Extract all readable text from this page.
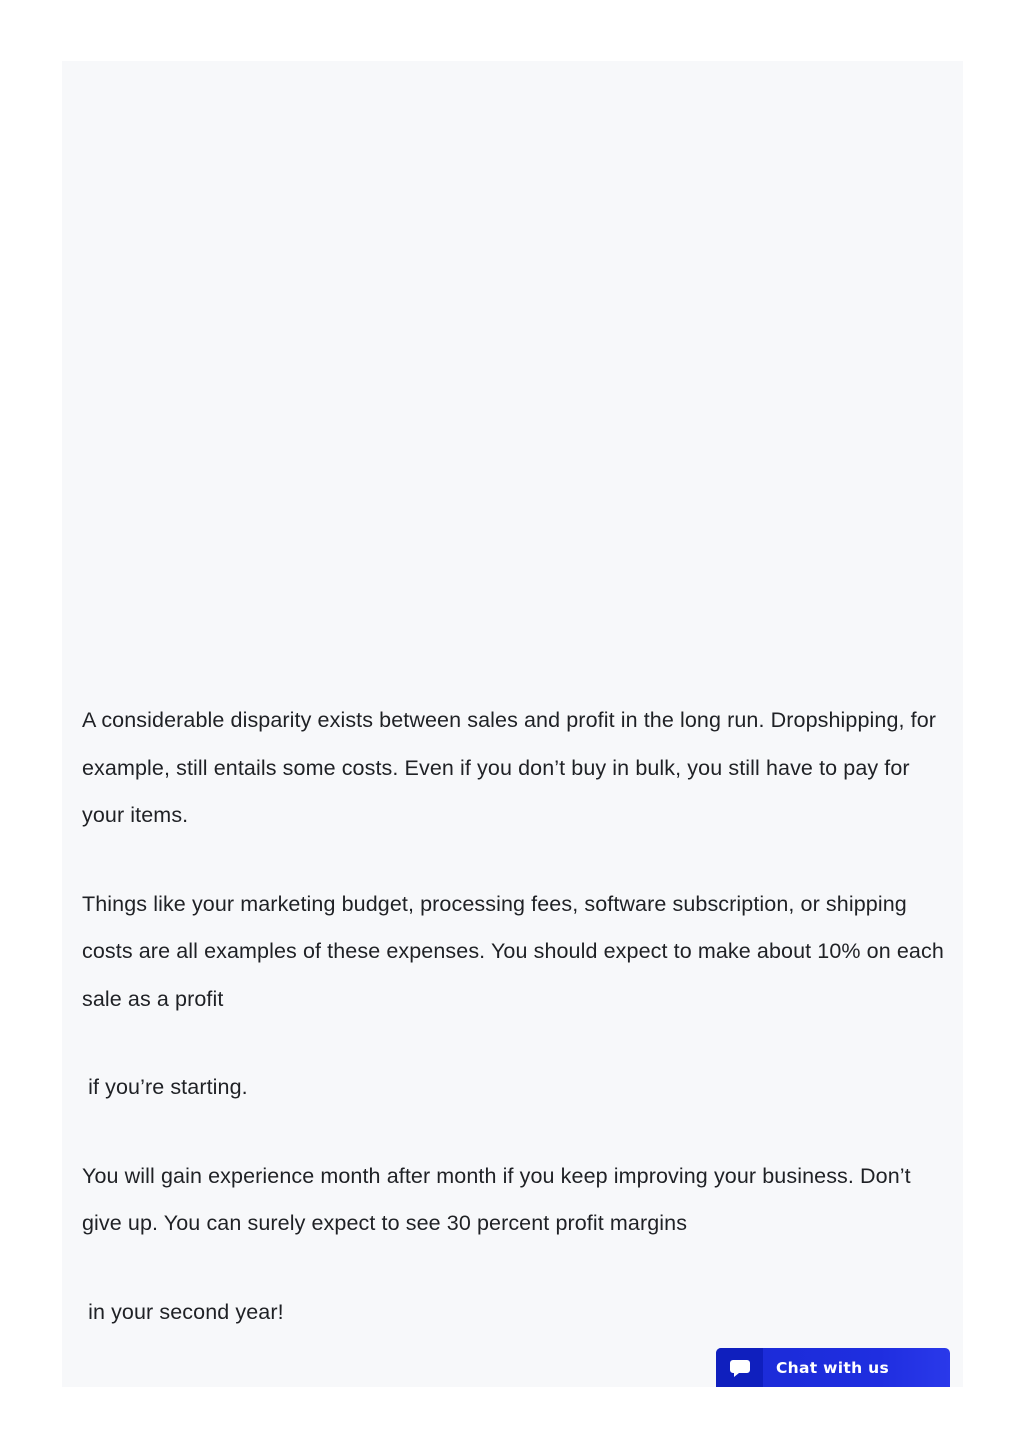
A considerable disparity exists between sales and profit in the long run. Dropshipping, for example, still entails some costs. Even if you don’t buy in bulk, you still have to pay for your items.

Things like your marketing budget, processing fees, software subscription, or shipping costs are all examples of these expenses. You should expect to make about 10% on each sale as a profit

if you’re starting.

You will gain experience month after month if you keep improving your business. Don’t give up. You can surely expect to see 30 percent profit margins

in your second year!

Chat with us
